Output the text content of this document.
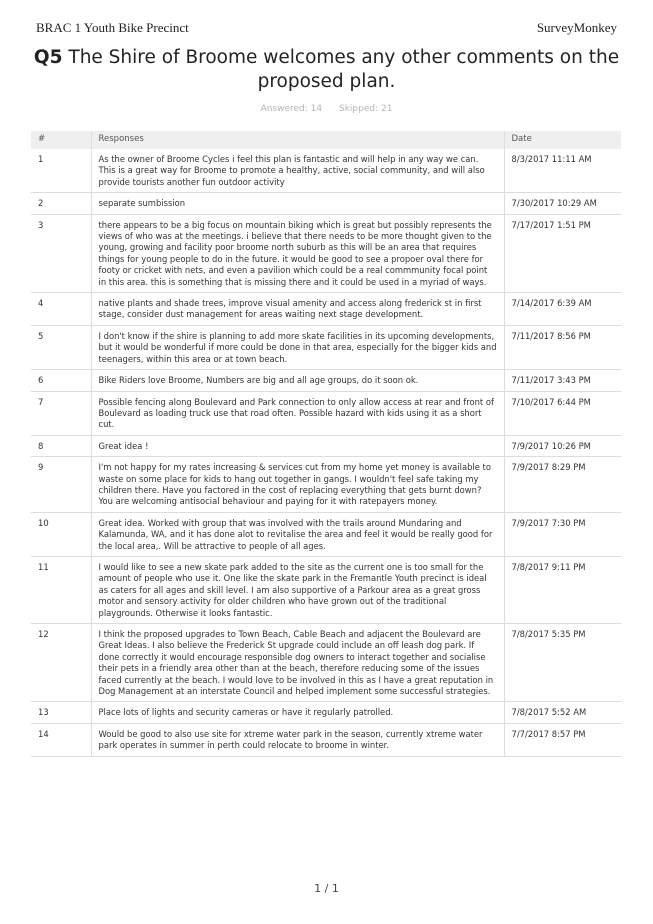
BRAC 1 Youth Bike Precinct	SurveyMonkey
Q5 The Shire of Broome welcomes any other comments on the proposed plan.
Answered: 14 Skipped: 21
#	Responses	Date
1	As the owner of Broome Cycles i feel this plan is fantastic and will help in any way we can. This is a great way for Broome to promote a healthy, active, social community, and will also provide tourists another fun outdoor activity	8/3/2017 11:11 AM
2	separate sumbission	7/30/2017 10:29 AM
3	there appears to be a big focus on mountain biking which is great but possibly represents the views of who was at the meetings. i believe that there needs to be more thought given to the young, growing and facility poor broome north suburb as this will be an area that requires things for young people to do in the future. it would be good to see a propoer oval there for footy or cricket with nets, and even a pavilion which could be a real commmunity focal point in this area. this is something that is missing there and it could be used in a myriad of ways.	7/17/2017 1:51 PM
4	native plants and shade trees, improve visual amenity and access along frederick st in first stage, consider dust management for areas waiting next stage development.	7/14/2017 6:39 AM
5	I don't know if the shire is planning to add more skate facilities in its upcoming developments, but it would be wonderful if more could be done in that area, especially for the bigger kids and teenagers, within this area or at town beach.	7/11/2017 8:56 PM
6	Bike Riders love Broome, Numbers are big and all age groups, do it soon ok.	7/11/2017 3:43 PM
7	Possible fencing along Boulevard and Park connection to only allow access at rear and front of Boulevard as loading truck use that road often. Possible hazard with kids using it as a short cut.	7/10/2017 6:44 PM
8	Great idea !	7/9/2017 10:26 PM
9	I'm not happy for my rates increasing & services cut from my home yet money is available to waste on some place for kids to hang out together in gangs. I wouldn't feel safe taking my children there. Have you factored in the cost of replacing everything that gets burnt down? You are welcoming antisocial behaviour and paying for it with ratepayers money.	7/9/2017 8:29 PM
10	Great idea. Worked with group that was involved with the trails around Mundaring and Kalamunda, WA, and it has done alot to revitalise the area and feel it would be really good for the local area,. Will be attractive to people of all ages.	7/9/2017 7:30 PM
11	I would like to see a new skate park added to the site as the current one is too small for the amount of people who use it. One like the skate park in the Fremantle Youth precinct is ideal as caters for all ages and skill level. I am also supportive of a Parkour area as a great gross motor and sensory activity for older children who have grown out of the traditional playgrounds. Otherwise it looks fantastic.	7/8/2017 9:11 PM
12	I think the proposed upgrades to Town Beach, Cable Beach and adjacent the Boulevard are Great Ideas. I also believe the Frederick St upgrade could include an off leash dog park. If done correctly it would encourage responsible dog owners to interact together and socialise their pets in a friendly area other than at the beach, therefore reducing some of the issues faced currently at the beach. I would love to be involved in this as I have a great reputation in Dog Management at an interstate Council and helped implement some successful strategies.	7/8/2017 5:35 PM
13	Place lots of lights and security cameras or have it regularly patrolled.	7/8/2017 5:52 AM
14	Would be good to also use site for xtreme water park in the season, currently xtreme water park operates in summer in perth could relocate to broome in winter.	7/7/2017 8:57 PM
1 / 1
